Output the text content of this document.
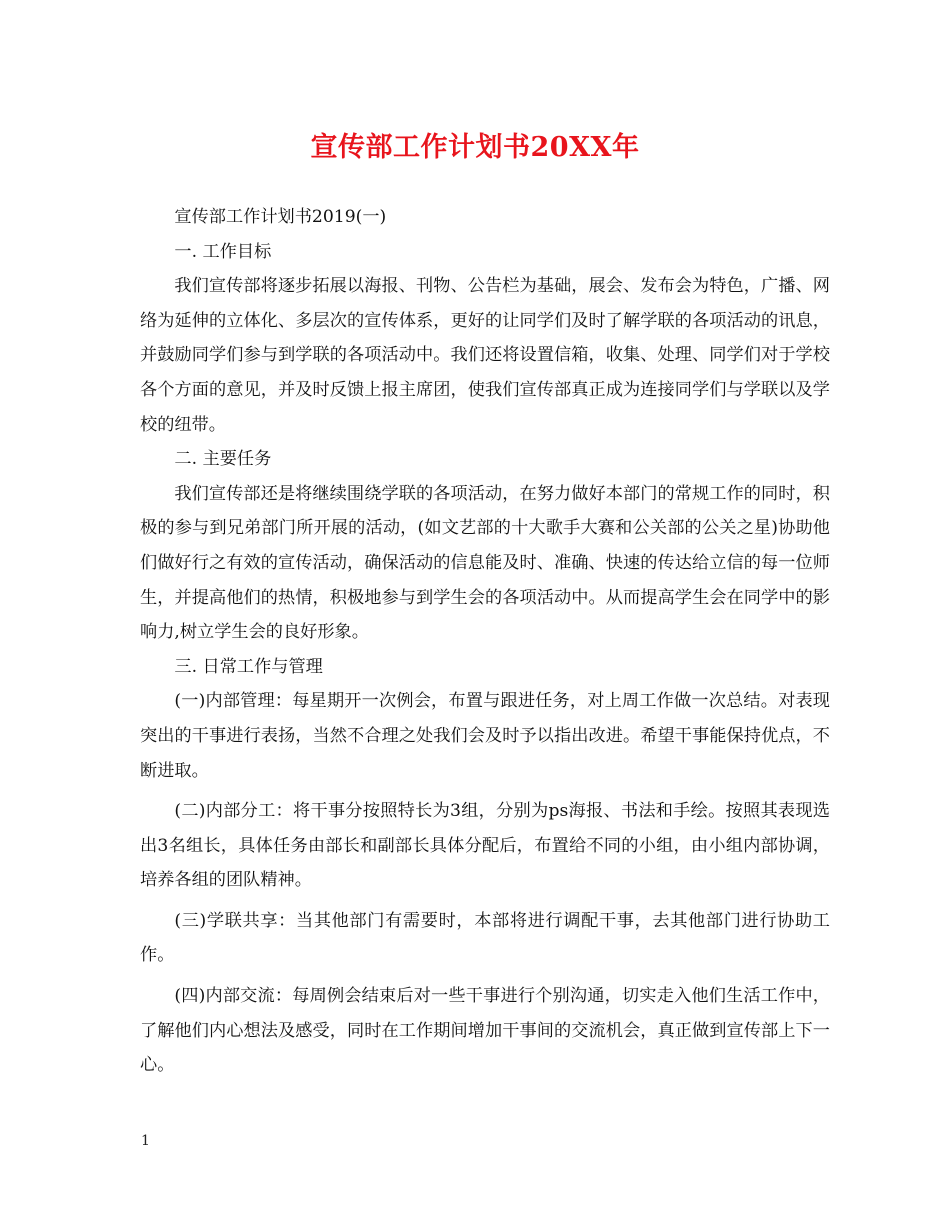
宣传部工作计划书20XX年

宣传部工作计划书2019(一)

一. 工作目标

我们宣传部将逐步拓展以海报、刊物、公告栏为基础，展会、发布会为特色，广播、网络为延伸的立体化、多层次的宣传体系，更好的让同学们及时了解学联的各项活动的讯息，并鼓励同学们参与到学联的各项活动中。我们还将设置信箱，收集、处理、同学们对于学校各个方面的意见，并及时反馈上报主席团，使我们宣传部真正成为连接同学们与学联以及学校的纽带。

二. 主要任务

我们宣传部还是将继续围绕学联的各项活动，在努力做好本部门的常规工作的同时，积极的参与到兄弟部门所开展的活动，(如文艺部的十大歌手大赛和公关部的公关之星)协助他们做好行之有效的宣传活动，确保活动的信息能及时、准确、快速的传达给立信的每一位师生，并提高他们的热情，积极地参与到学生会的各项活动中。从而提高学生会在同学中的影响力,树立学生会的良好形象。

三. 日常工作与管理

(一)内部管理：每星期开一次例会，布置与跟进任务，对上周工作做一次总结。对表现突出的干事进行表扬，当然不合理之处我们会及时予以指出改进。希望干事能保持优点，不断进取。

(二)内部分工：将干事分按照特长为3组，分别为ps海报、书法和手绘。按照其表现选出3名组长，具体任务由部长和副部长具体分配后，布置给不同的小组，由小组内部协调，培养各组的团队精神。

(三)学联共享：当其他部门有需要时，本部将进行调配干事，去其他部门进行协助工作。

(四)内部交流：每周例会结束后对一些干事进行个别沟通，切实走入他们生活工作中，了解他们内心想法及感受，同时在工作期间增加干事间的交流机会，真正做到宣传部上下一心。

1
